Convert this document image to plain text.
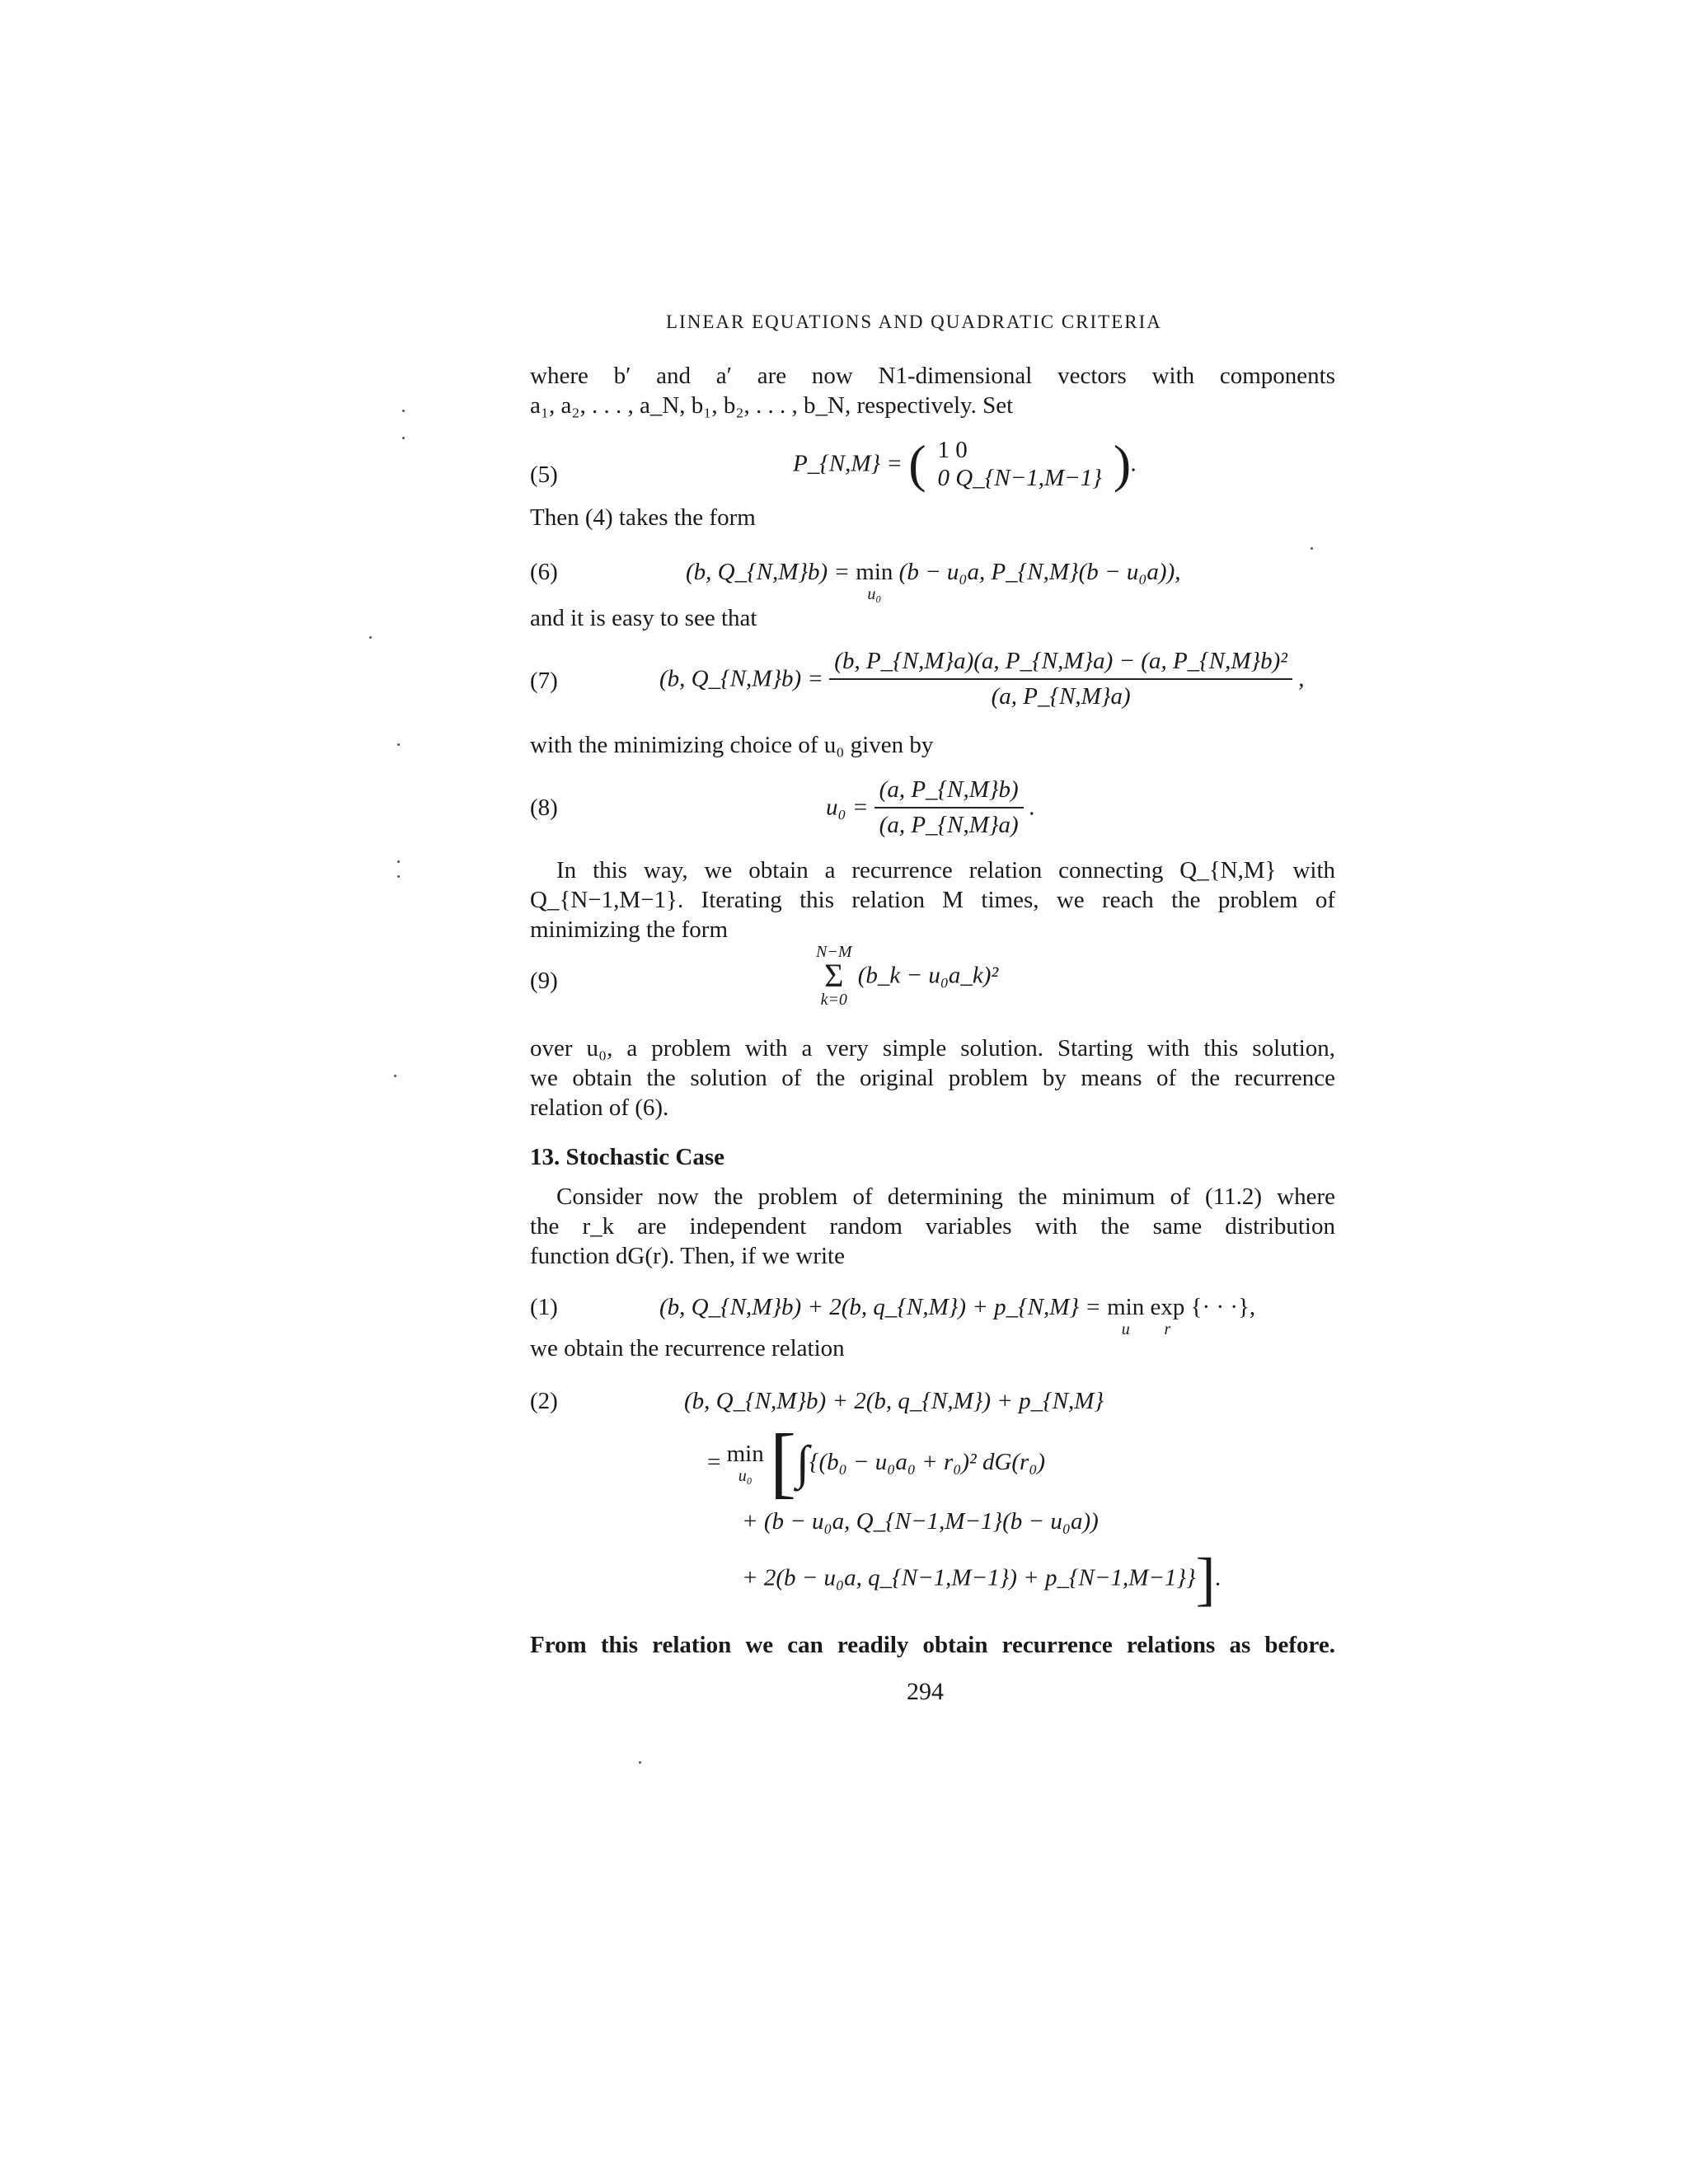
LINEAR EQUATIONS AND QUADRATIC CRITERIA
where b′ and a′ are now N1-dimensional vectors with components
a₁, a₂, . . . , a_N, b₁, b₂, . . . , b_N, respectively. Set
(5)	P_{N,M} = ( 1 0
0 Q_{N−1,M−1} ).
Then (4) takes the form
(6)	(b, Q_{N,M}b) = min
u₀
(b − u₀a, P_{N,M}(b − u₀a)),
and it is easy to see that
(7)	(b, Q_{N,M}b) = $\frac{\text{(b, P\_\{N,M\}a)(a, P\_\{N,M\}a) − (a, P\_\{N,M\}b)²}}{(a, P\_\{N,M\}a)}$ ,
with the minimizing choice of u₀ given by
(8)	$u_0 = \frac{(a, P\_\{N,M\}b)}{(a, P\_\{N,M\}a)}$ .
In this way, we obtain a recurrence relation connecting Q_{N,M} with
Q_{N−1,M−1}. Iterating this relation M times, we reach the problem of
minimizing the form
(9)
N−M
Σ
k=0
(b_k − u₀a_k)²
over u₀, a problem with a very simple solution. Starting with this solution,
we obtain the solution of the original problem by means of the recurrence
relation of (6).
13. Stochastic Case
Consider now the problem of determining the minimum of (11.2) where
the r_k are independent random variables with the same distribution
function dG(r). Then, if we write
(1)	(b, Q_{N,M}b) + 2(b, q_{N,M}) + p_{N,M} = min
u
exp
r
{· · ·},
we obtain the recurrence relation
(2)	(b, Q_{N,M}b) + 2(b, q_{N,M}) + p_{N,M}
= min
u₀ [∫{(b₀ − u₀a₀ + r₀)² dG(r₀)
+ (b − u₀a, Q_{N−1,M−1}(b − u₀a))
+ 2(b − u₀a, q_{N−1,M−1}) + p_{N−1,M−1}}].
From this relation we can readily obtain recurrence relations as before.
294
